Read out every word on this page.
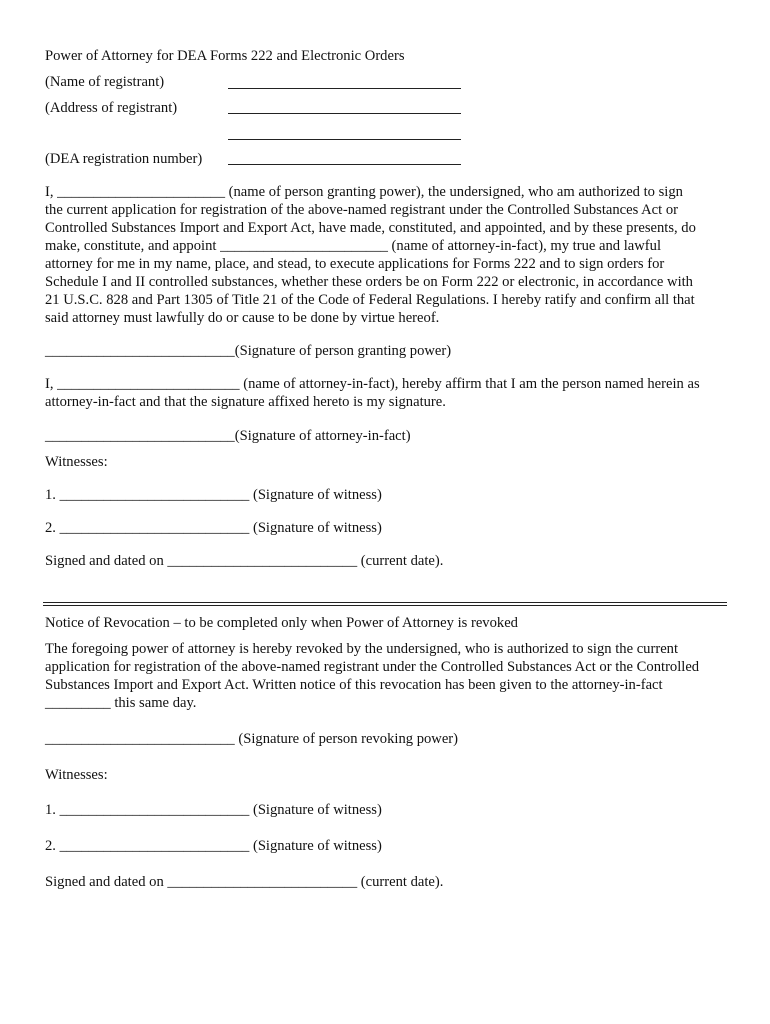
Power of Attorney for DEA Forms 222 and Electronic Orders
(Name of registrant)
(Address of registrant)
(DEA registration number)
I, _______________________ (name of person granting power), the undersigned, who am authorized to sign
the current application for registration of the above-named registrant under the Controlled Substances Act or
Controlled Substances Import and Export Act, have made, constituted, and appointed, and by these presents, do
make, constitute, and appoint _______________________ (name of attorney-in-fact), my true and lawful
attorney for me in my name, place, and stead, to execute applications for Forms 222 and to sign orders for
Schedule I and II controlled substances, whether these orders be on Form 222 or electronic, in accordance with
21 U.S.C. 828 and Part 1305 of Title 21 of the Code of Federal Regulations. I hereby ratify and confirm all that
said attorney must lawfully do or cause to be done by virtue hereof.
__________________________(Signature of person granting power)
I, _________________________ (name of attorney-in-fact), hereby affirm that I am the person named herein as
attorney-in-fact and that the signature affixed hereto is my signature.
__________________________(Signature of attorney-in-fact)
Witnesses:
1. __________________________ (Signature of witness)
2. __________________________ (Signature of witness)
Signed and dated on __________________________ (current date).
Notice of Revocation – to be completed only when Power of Attorney is revoked
The foregoing power of attorney is hereby revoked by the undersigned, who is authorized to sign the current
application for registration of the above-named registrant under the Controlled Substances Act or the Controlled
Substances Import and Export Act. Written notice of this revocation has been given to the attorney-in-fact
_________ this same day.
__________________________ (Signature of person revoking power)
Witnesses:
1. __________________________ (Signature of witness)
2. __________________________ (Signature of witness)
Signed and dated on __________________________ (current date).
